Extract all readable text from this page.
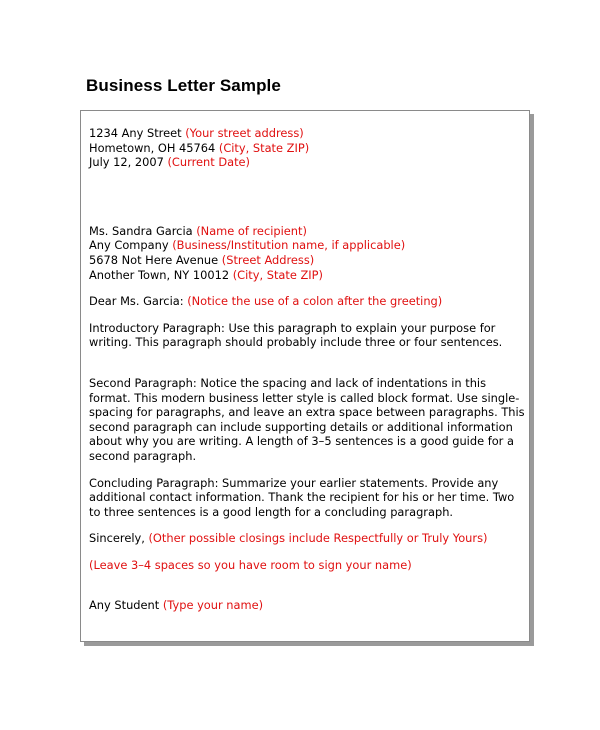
Business Letter Sample

1234 Any Street (Your street address)

Hometown, OH 45764 (City, State ZIP)

July 12, 2007 (Current Date)

Ms. Sandra Garcia (Name of recipient)

Any Company (Business/Institution name, if applicable)

5678 Not Here Avenue (Street Address)

Another Town, NY 10012 (City, State ZIP)

Dear Ms. Garcia: (Notice the use of a colon after the greeting)

Introductory Paragraph: Use this paragraph to explain your purpose for writing. This paragraph should probably include three or four sentences.

Second Paragraph: Notice the spacing and lack of indentations in this format. This modern business letter style is called block format. Use single-spacing for paragraphs, and leave an extra space between paragraphs. This second paragraph can include supporting details or additional information about why you are writing. A length of 3–5 sentences is a good guide for a second paragraph.

Concluding Paragraph: Summarize your earlier statements. Provide any additional contact information. Thank the recipient for his or her time. Two to three sentences is a good length for a concluding paragraph.

Sincerely, (Other possible closings include Respectfully or Truly Yours)

(Leave 3–4 spaces so you have room to sign your name)

Any Student (Type your name)
